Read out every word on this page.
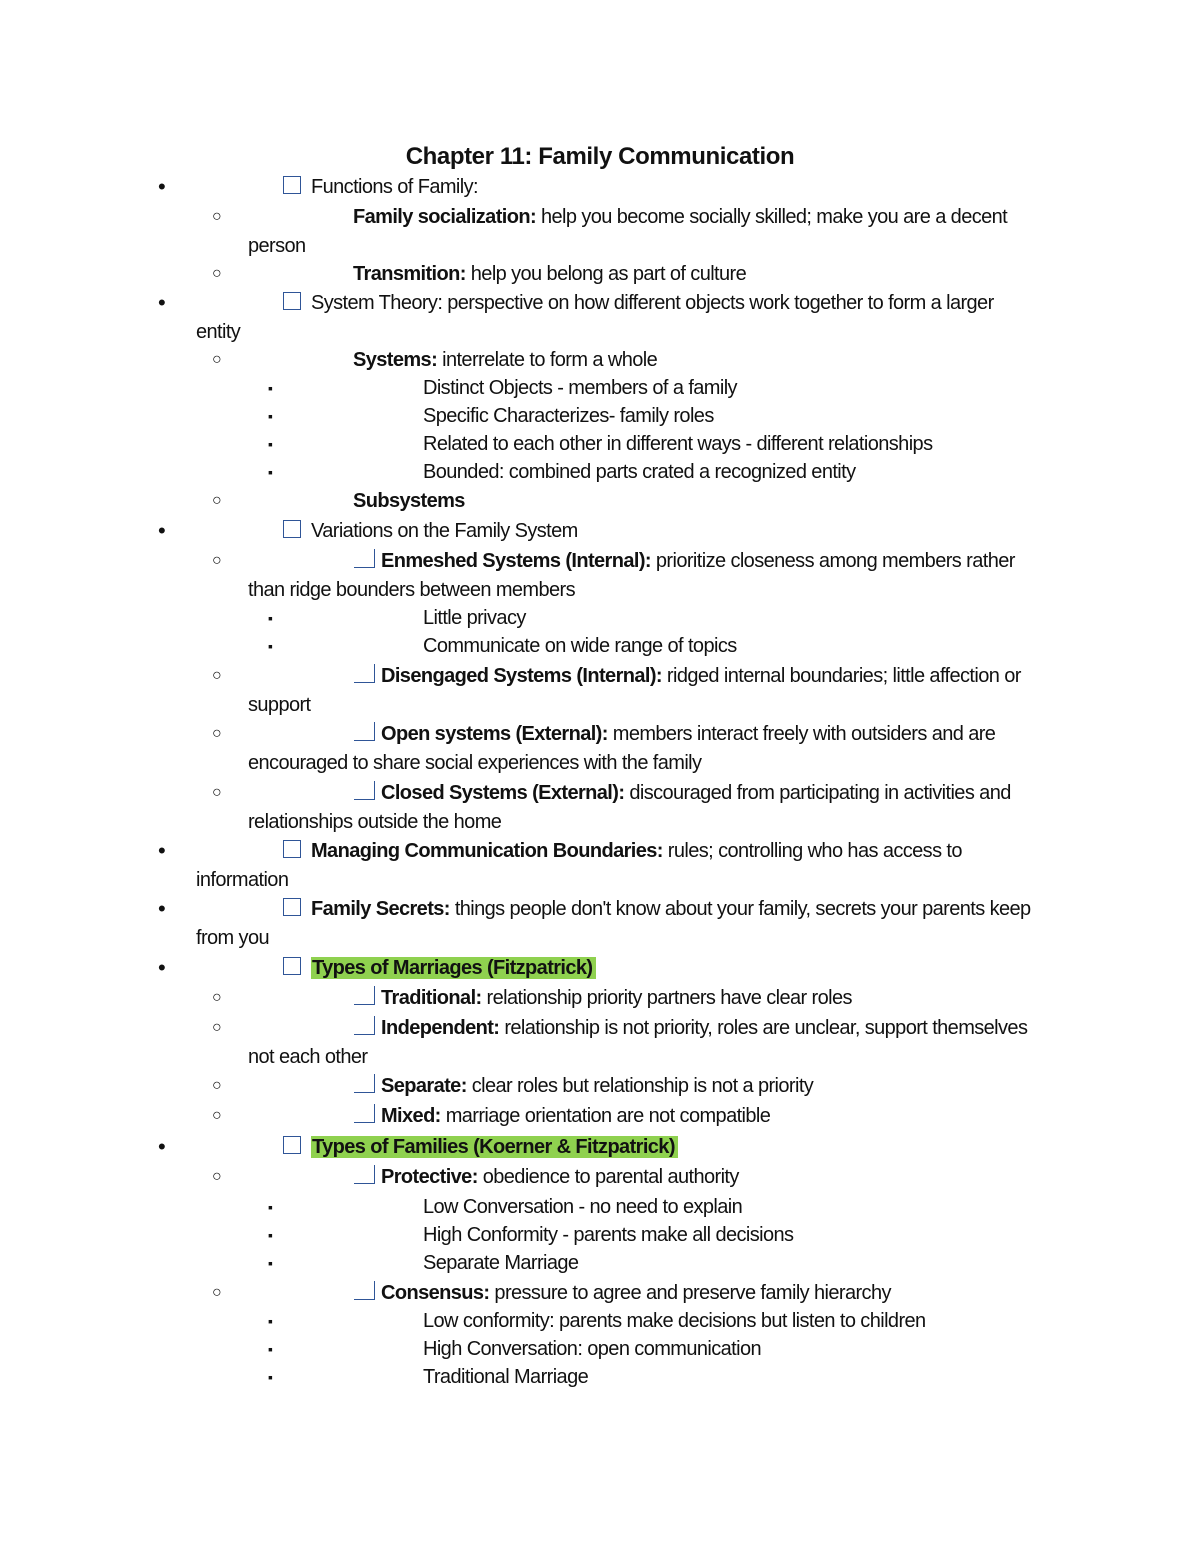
Chapter 11: Family Communication
•	Functions of Family:
○	Family socialization: help you become socially skilled; make you are a decent
person
○	Transmition: help you belong as part of culture
•	System Theory: perspective on how different objects work together to form a larger
entity
○	Systems: interrelate to form a whole
▪	Distinct Objects - members of a family
▪	Specific Characterizes- family roles
▪	Related to each other in different ways - different relationships
▪	Bounded: combined parts crated a recognized entity
○	Subsystems
•	Variations on the Family System
○	Enmeshed Systems (Internal): prioritize closeness among members rather
than ridge bounders between members
▪	Little privacy
▪	Communicate on wide range of topics
○	Disengaged Systems (Internal): ridged internal boundaries; little affection or
support
○	Open systems (External): members interact freely with outsiders and are
encouraged to share social experiences with the family
○	Closed Systems (External): discouraged from participating in activities and
relationships outside the home
•	Managing Communication Boundaries: rules; controlling who has access to
information
•	Family Secrets: things people don't know about your family, secrets your parents keep
from you
•	Types of Marriages (Fitzpatrick)
○	Traditional: relationship priority partners have clear roles
○	Independent: relationship is not priority, roles are unclear, support themselves
not each other
○	Separate: clear roles but relationship is not a priority
○	Mixed: marriage orientation are not compatible
•	Types of Families (Koerner & Fitzpatrick)
○	Protective: obedience to parental authority
▪	Low Conversation - no need to explain
▪	High Conformity - parents make all decisions
▪	Separate Marriage
○	Consensus: pressure to agree and preserve family hierarchy
▪	Low conformity: parents make decisions but listen to children
▪	High Conversation: open communication
▪	Traditional Marriage
